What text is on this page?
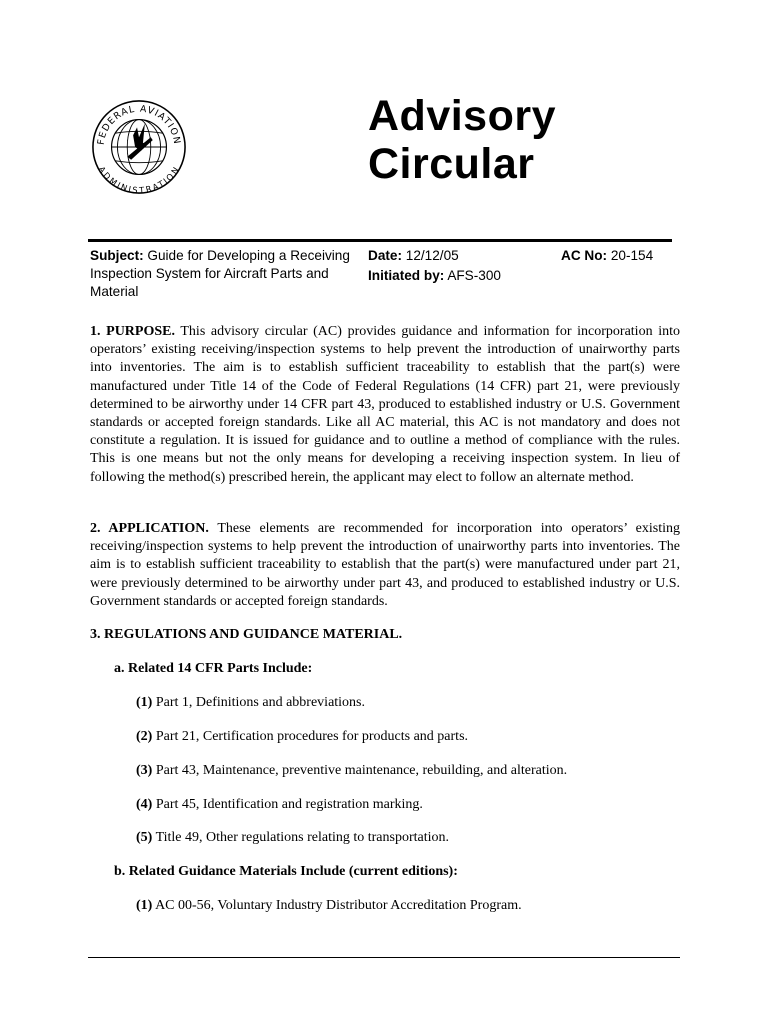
FEDERAL AVIATION
ADMINISTRATION
Advisory
Circular
Subject: Guide for Developing a Receiving Inspection System for Aircraft Parts and Material
Date: 12/12/05
Initiated by: AFS-300
AC No: 20-154
1. PURPOSE. This advisory circular (AC) provides guidance and information for incorporation into operators’ existing receiving/inspection systems to help prevent the introduction of unairworthy parts into inventories. The aim is to establish sufficient traceability to establish that the part(s) were manufactured under Title 14 of the Code of Federal Regulations (14 CFR) part 21, were previously determined to be airworthy under 14 CFR part 43, produced to established industry or U.S. Government standards or accepted foreign standards. Like all AC material, this AC is not mandatory and does not constitute a regulation. It is issued for guidance and to outline a method of compliance with the rules. This is one means but not the only means for developing a receiving inspection system. In lieu of following the method(s) prescribed herein, the applicant may elect to follow an alternate method.
2. APPLICATION. These elements are recommended for incorporation into operators’ existing receiving/inspection systems to help prevent the introduction of unairworthy parts into inventories. The aim is to establish sufficient traceability to establish that the part(s) were manufactured under part 21, were previously determined to be airworthy under part 43, and produced to established industry or U.S. Government standards or accepted foreign standards.
3. REGULATIONS AND GUIDANCE MATERIAL.
a. Related 14 CFR Parts Include:
(1) Part 1, Definitions and abbreviations.
(2) Part 21, Certification procedures for products and parts.
(3) Part 43, Maintenance, preventive maintenance, rebuilding, and alteration.
(4) Part 45, Identification and registration marking.
(5) Title 49, Other regulations relating to transportation.
b. Related Guidance Materials Include (current editions):
(1) AC 00-56, Voluntary Industry Distributor Accreditation Program.
